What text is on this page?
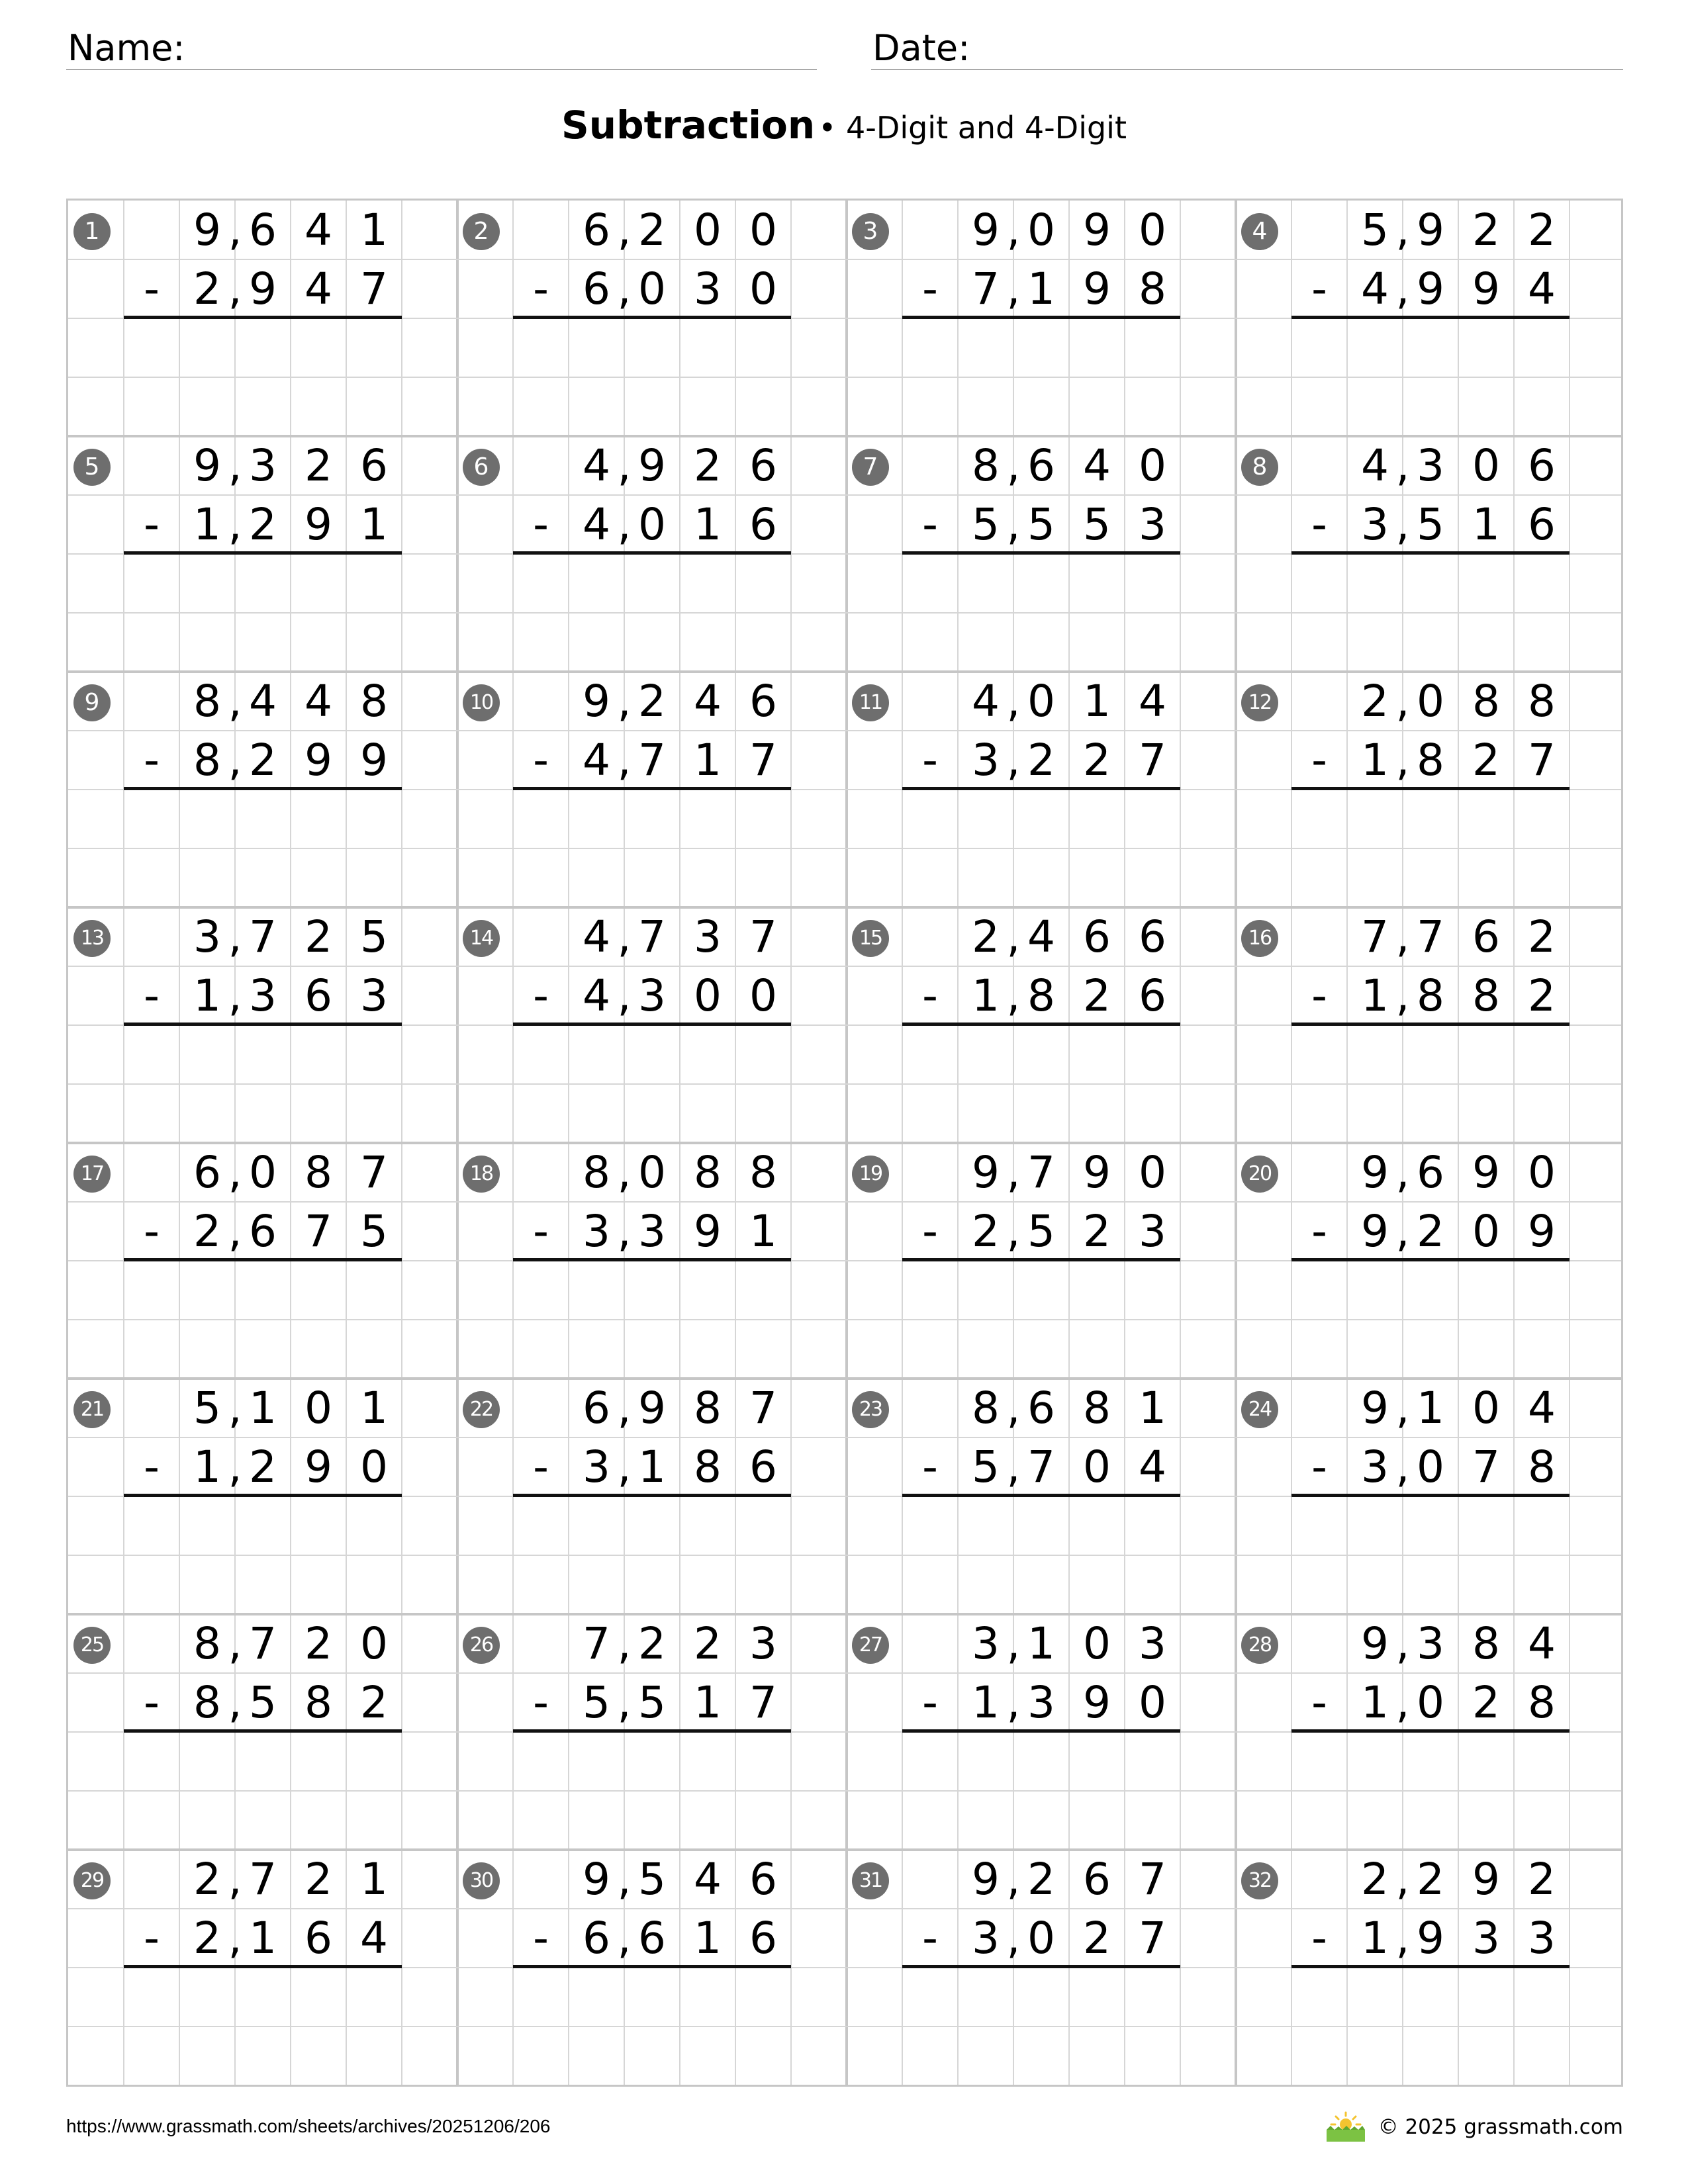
Name:	Date:
Subtraction • 4-Digit and 4-Digit
1	9 6 4 1
,
2 9 4 7
,
-
2	6 2 0 0
,
6 0 3 0
,
-
3	9 0 9 0
,
7 1 9 8
,
-
4	5 9 2 2
,
4 9 9 4
,
-
5	9 3 2 6
,
1 2 9 1
,
-
6	4 9 2 6
,
4 0 1 6
,
-
7	8 6 4 0
,
5 5 5 3
,
-
8	4 3 0 6
,
3 5 1 6
,
-
9	8 4 4 8
,
8 2 9 9
,
-
10	9 2 4 6
,
4 7 1 7
,
-
11	4 0 1 4
,
3 2 2 7
,
-
12	2 0 8 8
,
1 8 2 7
,
-
13	3 7 2 5
,
1 3 6 3
,
-
14	4 7 3 7
,
4 3 0 0
,
-
15	2 4 6 6
,
1 8 2 6
,
-
16	7 7 6 2
,
1 8 8 2
,
-
17	6 0 8 7
,
2 6 7 5
,
-
18	8 0 8 8
,
3 3 9 1
,
-
19	9 7 9 0
,
2 5 2 3
,
-
20	9 6 9 0
,
9 2 0 9
,
-
21	5 1 0 1
,
1 2 9 0
,
-
22	6 9 8 7
,
3 1 8 6
,
-
23	8 6 8 1
,
5 7 0 4
,
-
24	9 1 0 4
,
3 0 7 8
,
-
25	8 7 2 0
,
8 5 8 2
,
-
26	7 2 2 3
,
5 5 1 7
,
-
27	3 1 0 3
,
1 3 9 0
,
-
28	9 3 8 4
,
1 0 2 8
,
-
29	2 7 2 1
,
2 1 6 4
,
-
30	9 5 4 6
,
6 6 1 6
,
-
31	9 2 6 7
,
3 0 2 7
,
-
32	2 2 9 2
,
1 9 3 3
,
-
https://www.grassmath.com/sheets/archives/20251206/206	© 2025 grassmath.com
